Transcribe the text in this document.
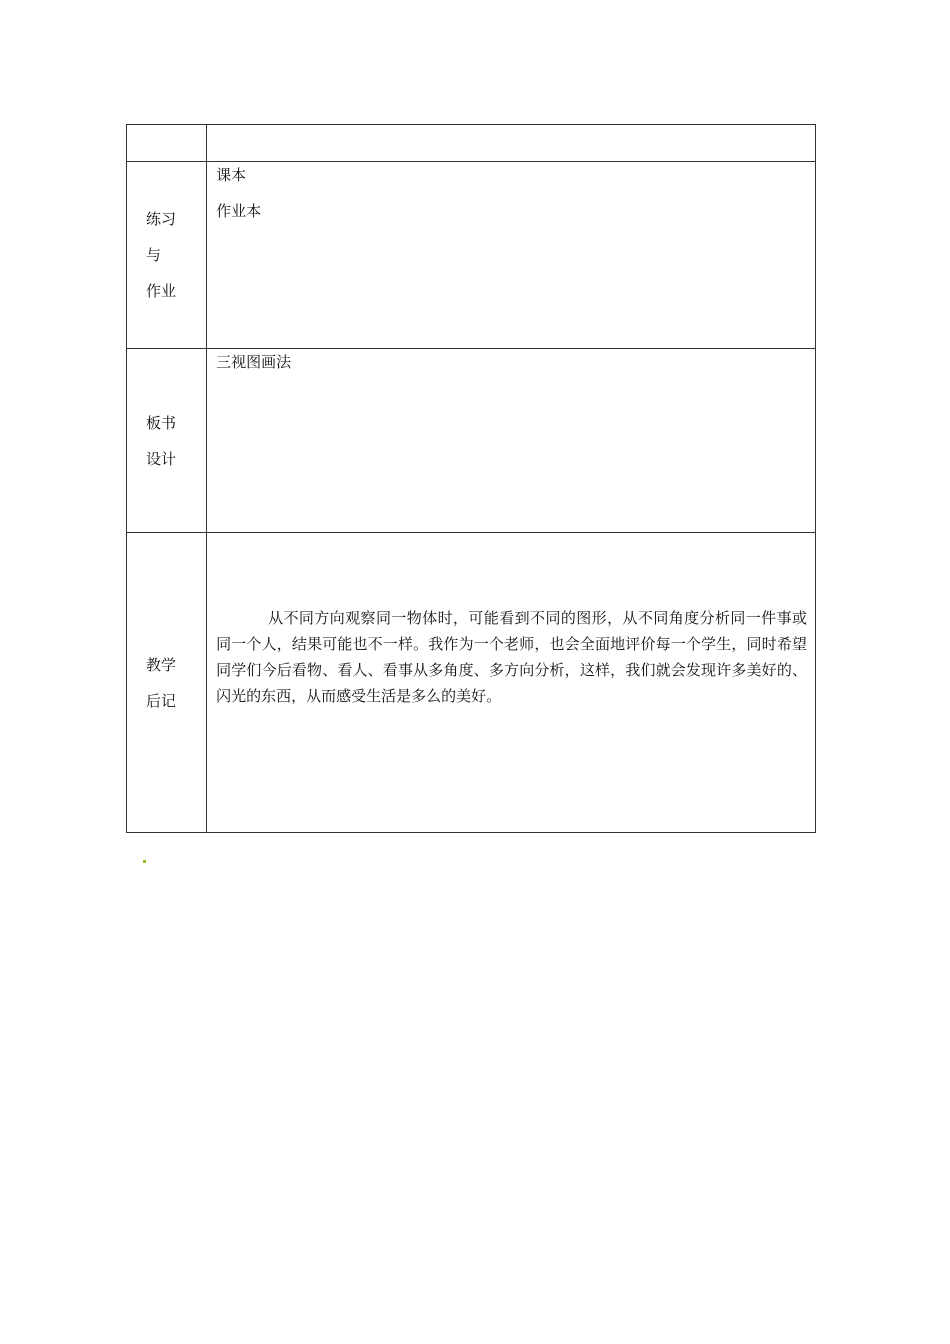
练习
与
作业	课本
作业本

板书
设计	三视图画法

教学
后记	从不同方向观察同一物体时，可能看到不同的图形，从不同角度分析同一件事或同一个人，结果可能也不一样。我作为一个老师，也会全面地评价每一个学生，同时希望同学们今后看物、看人、看事从多角度、多方向分析，这样，我们就会发现许多美好的、闪光的东西，从而感受生活是多么的美好。
